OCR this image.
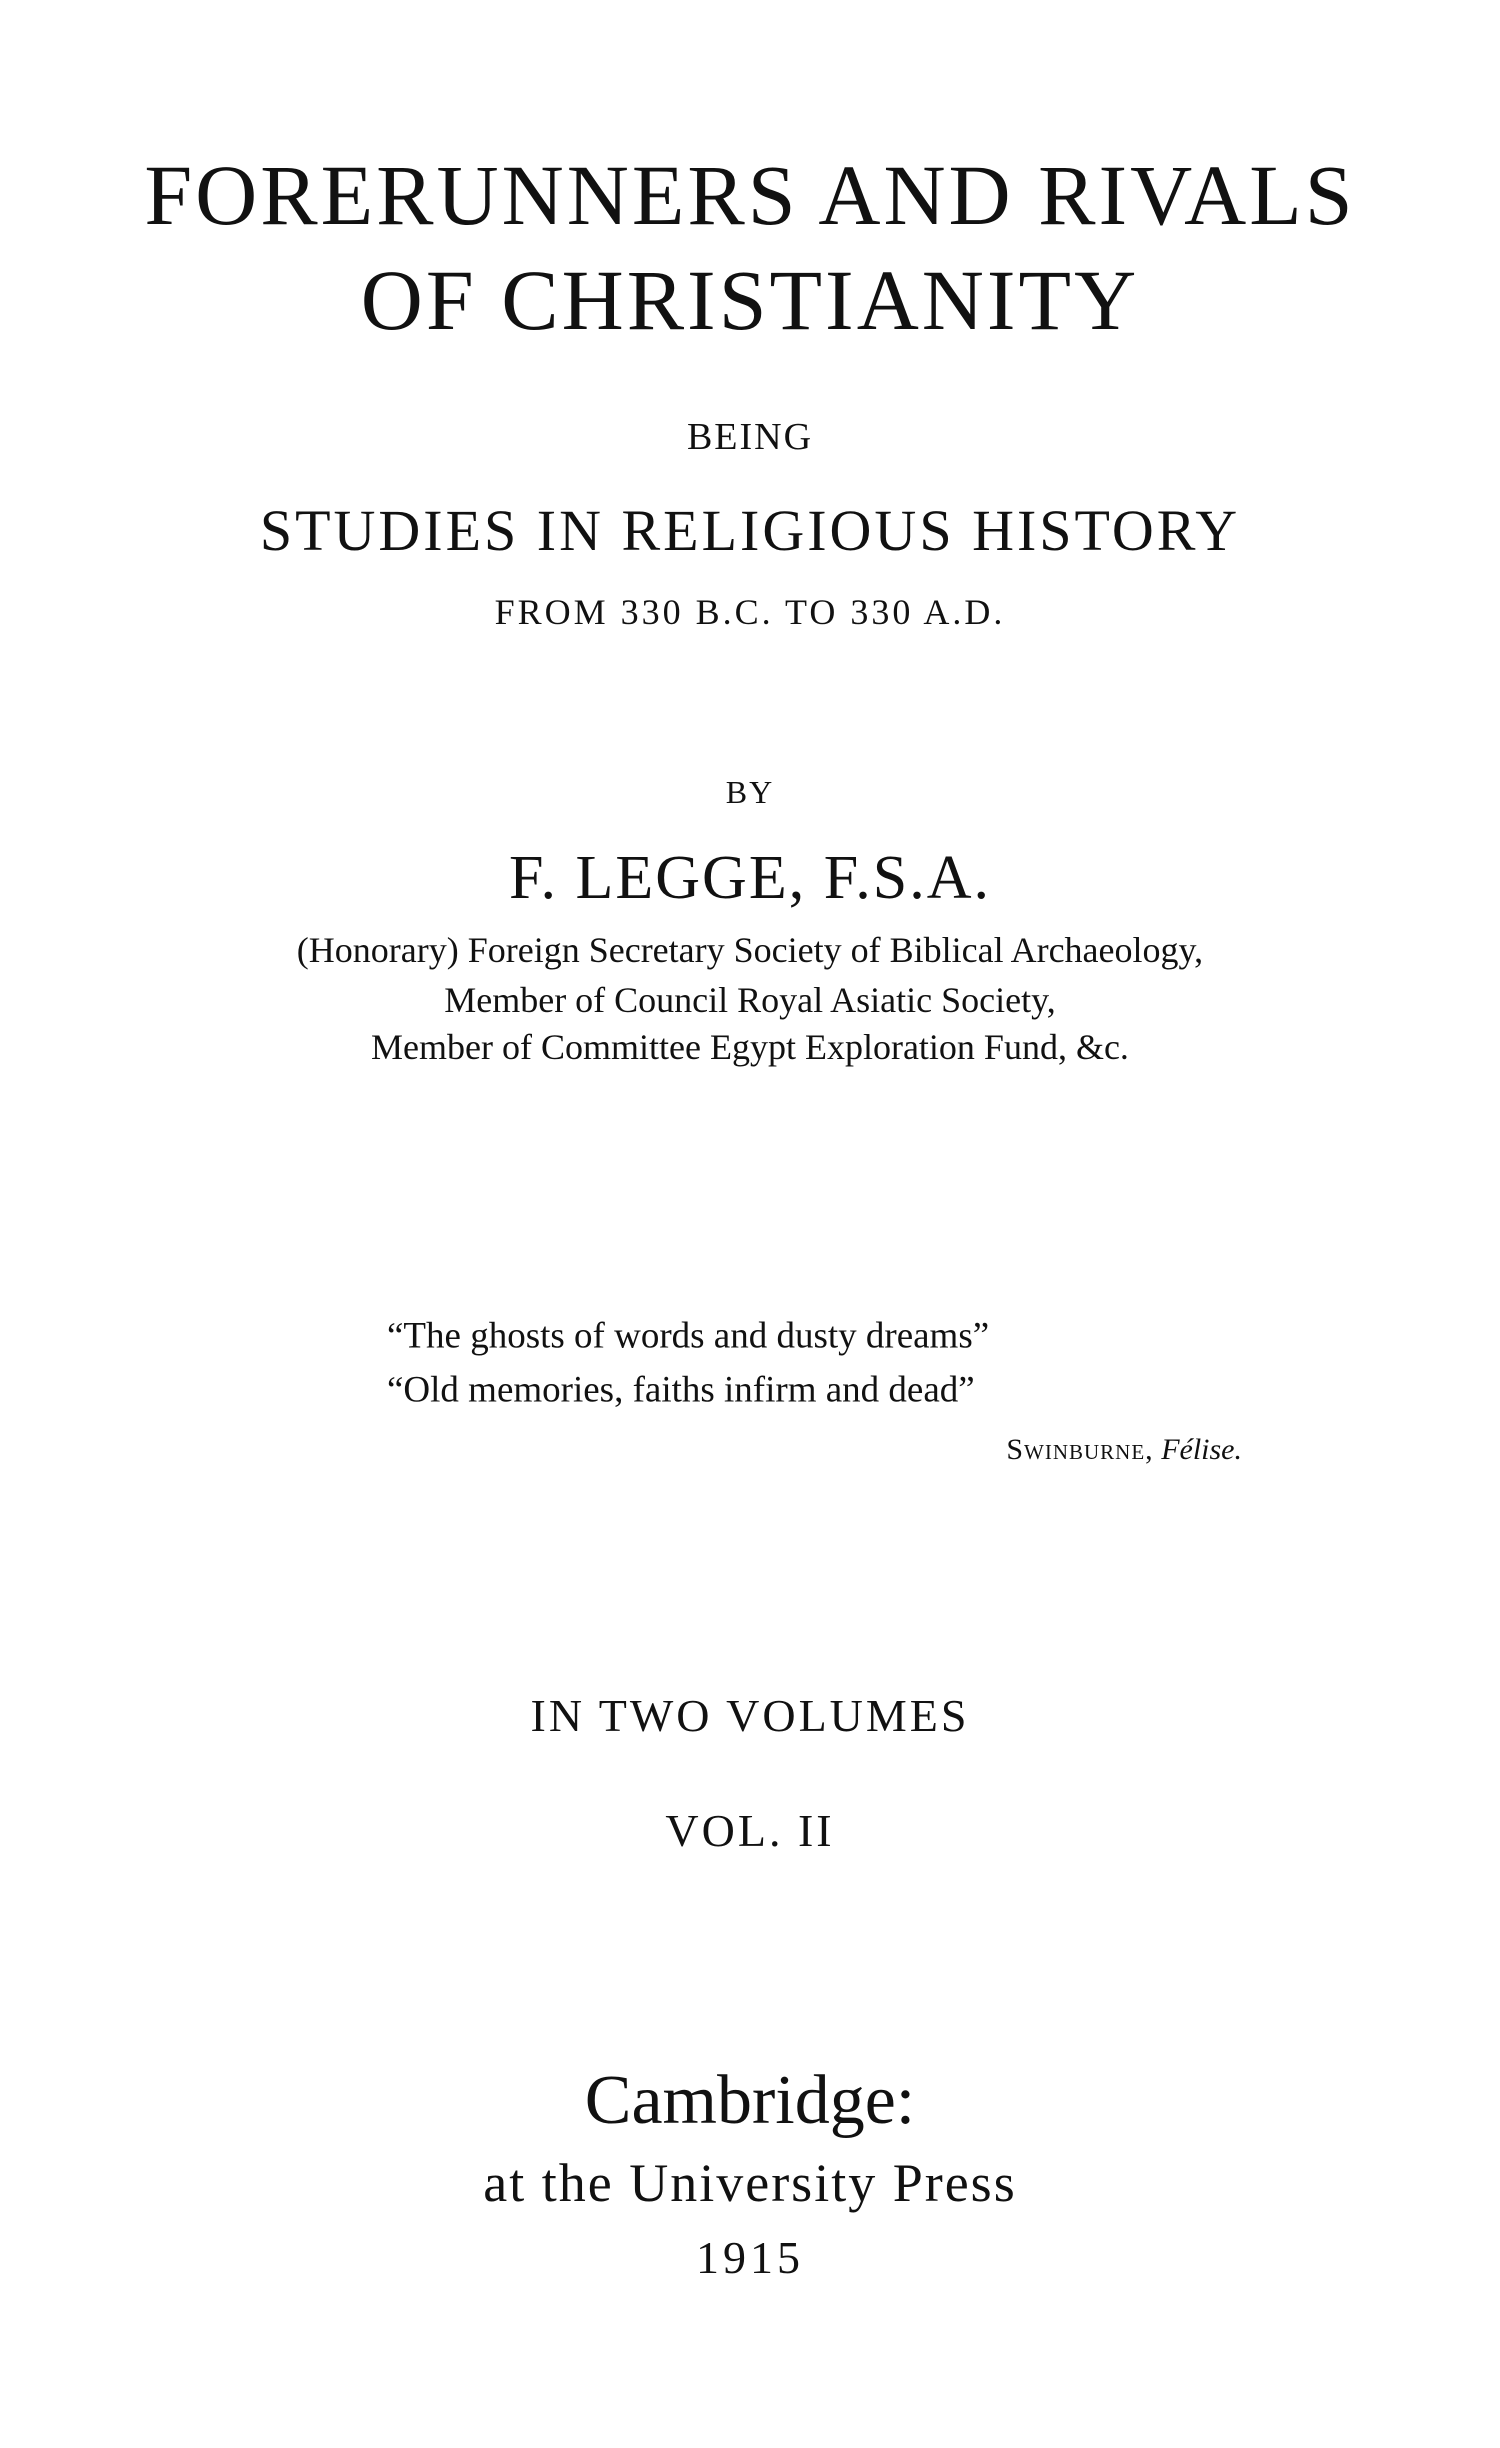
FORERUNNERS AND RIVALS
OF CHRISTIANITY
BEING
STUDIES IN RELIGIOUS HISTORY
FROM 330 B.C. TO 330 A.D.
BY
F. LEGGE, F.S.A.
(Honorary) Foreign Secretary Society of Biblical Archaeology,
Member of Council Royal Asiatic Society,
Member of Committee Egypt Exploration Fund, &c.
“The ghosts of words and dusty dreams”
“Old memories, faiths infirm and dead”
Swinburne, Félise.
IN TWO VOLUMES
VOL. II
Cambridge:
at the University Press
1915
